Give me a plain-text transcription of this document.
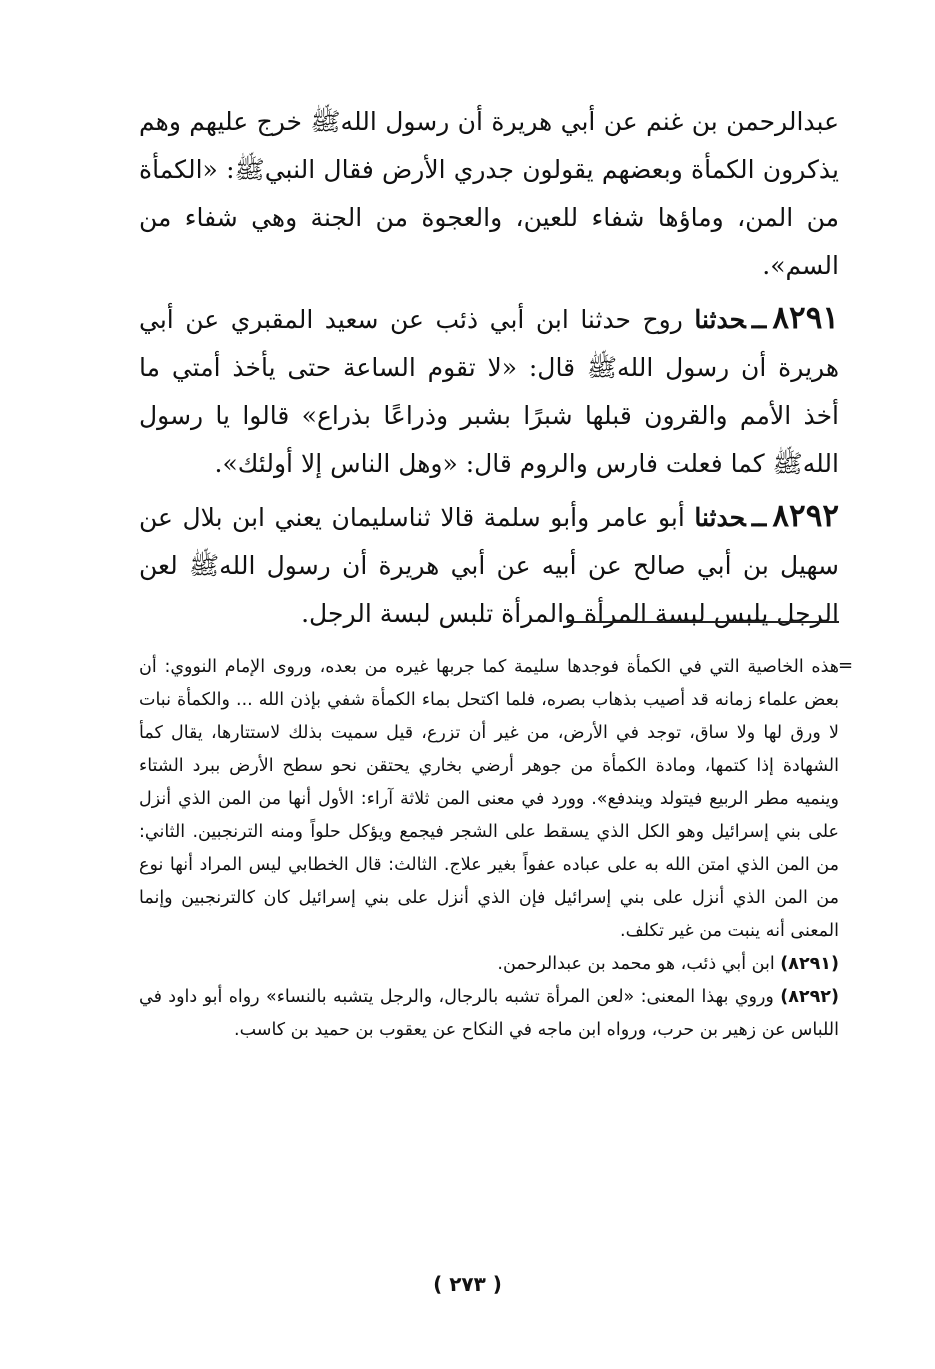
عبدالرحمن بن غنم عن أبي هريرة أن رسول اللهﷺ خرج عليهم وهم يذكرون الكمأة وبعضهم يقولون جدري الأرض فقال النبيﷺ: «الكمأة من المن، وماؤها شفاء للعين، والعجوة من الجنة وهي شفاء من السم».

٨٢٩١ــحدثنا روح حدثنا ابن أبي ذئب عن سعيد المقبري عن أبي هريرة أن رسول اللهﷺ قال: «لا تقوم الساعة حتى يأخذ أمتي ما أخذ الأمم والقرون قبلها شبرًا بشبر وذراعًا بذراع» قالوا يا رسول اللهﷺ كما فعلت فارس والروم قال: «وهل الناس إلا أولئك».

٨٢٩٢ــحدثنا أبو عامر وأبو سلمة قالا ثناسليمان يعني ابن بلال عن سهيل بن أبي صالح عن أبيه عن أبي هريرة أن رسول اللهﷺ لعن الرجل يلبس لبسة المرأة والمرأة تلبس لبسة الرجل.

=

هذه الخاصية التي في الكمأة فوجدها سليمة كما جربها غيره من بعده، وروى الإمام النووي: أن بعض علماء زمانه قد أصيب بذهاب بصره، فلما اكتحل بماء الكمأة شفي بإذن الله ... والكمأة نبات لا ورق لها ولا ساق، توجد في الأرض، من غير أن تزرع، قيل سميت بذلك لاستتارها، يقال كمأ الشهادة إذا كتمها، ومادة الكمأة من جوهر أرضي بخاري يحتقن نحو سطح الأرض ببرد الشتاء وينميه مطر الربيع فيتولد ويندفع». وورد في معنى المن ثلاثة آراء: الأول أنها من المن الذي أنزل على بني إسرائيل وهو الكل الذي يسقط على الشجر فيجمع ويؤكل حلواً ومنه الترنجبين. الثاني: من المن الذي امتن الله به على عباده عفواً بغير علاج. الثالث: قال الخطابي ليس المراد أنها نوع من المن الذي أنزل على بني إسرائيل فإن الذي أنزل على بني إسرائيل كان كالترنجبين وإنما المعنى أنه ينبت من غير تكلف.

(٨٢٩١) ابن أبي ذئب، هو محمد بن عبدالرحمن.

(٨٢٩٢) وروي بهذا المعنى: «لعن المرأة تشبه بالرجال، والرجل يتشبه بالنساء» رواه أبو داود في اللباس عن زهير بن حرب، ورواه ابن ماجه في النكاح عن يعقوب بن حميد بن كاسب.

( ٢٧٣ )
